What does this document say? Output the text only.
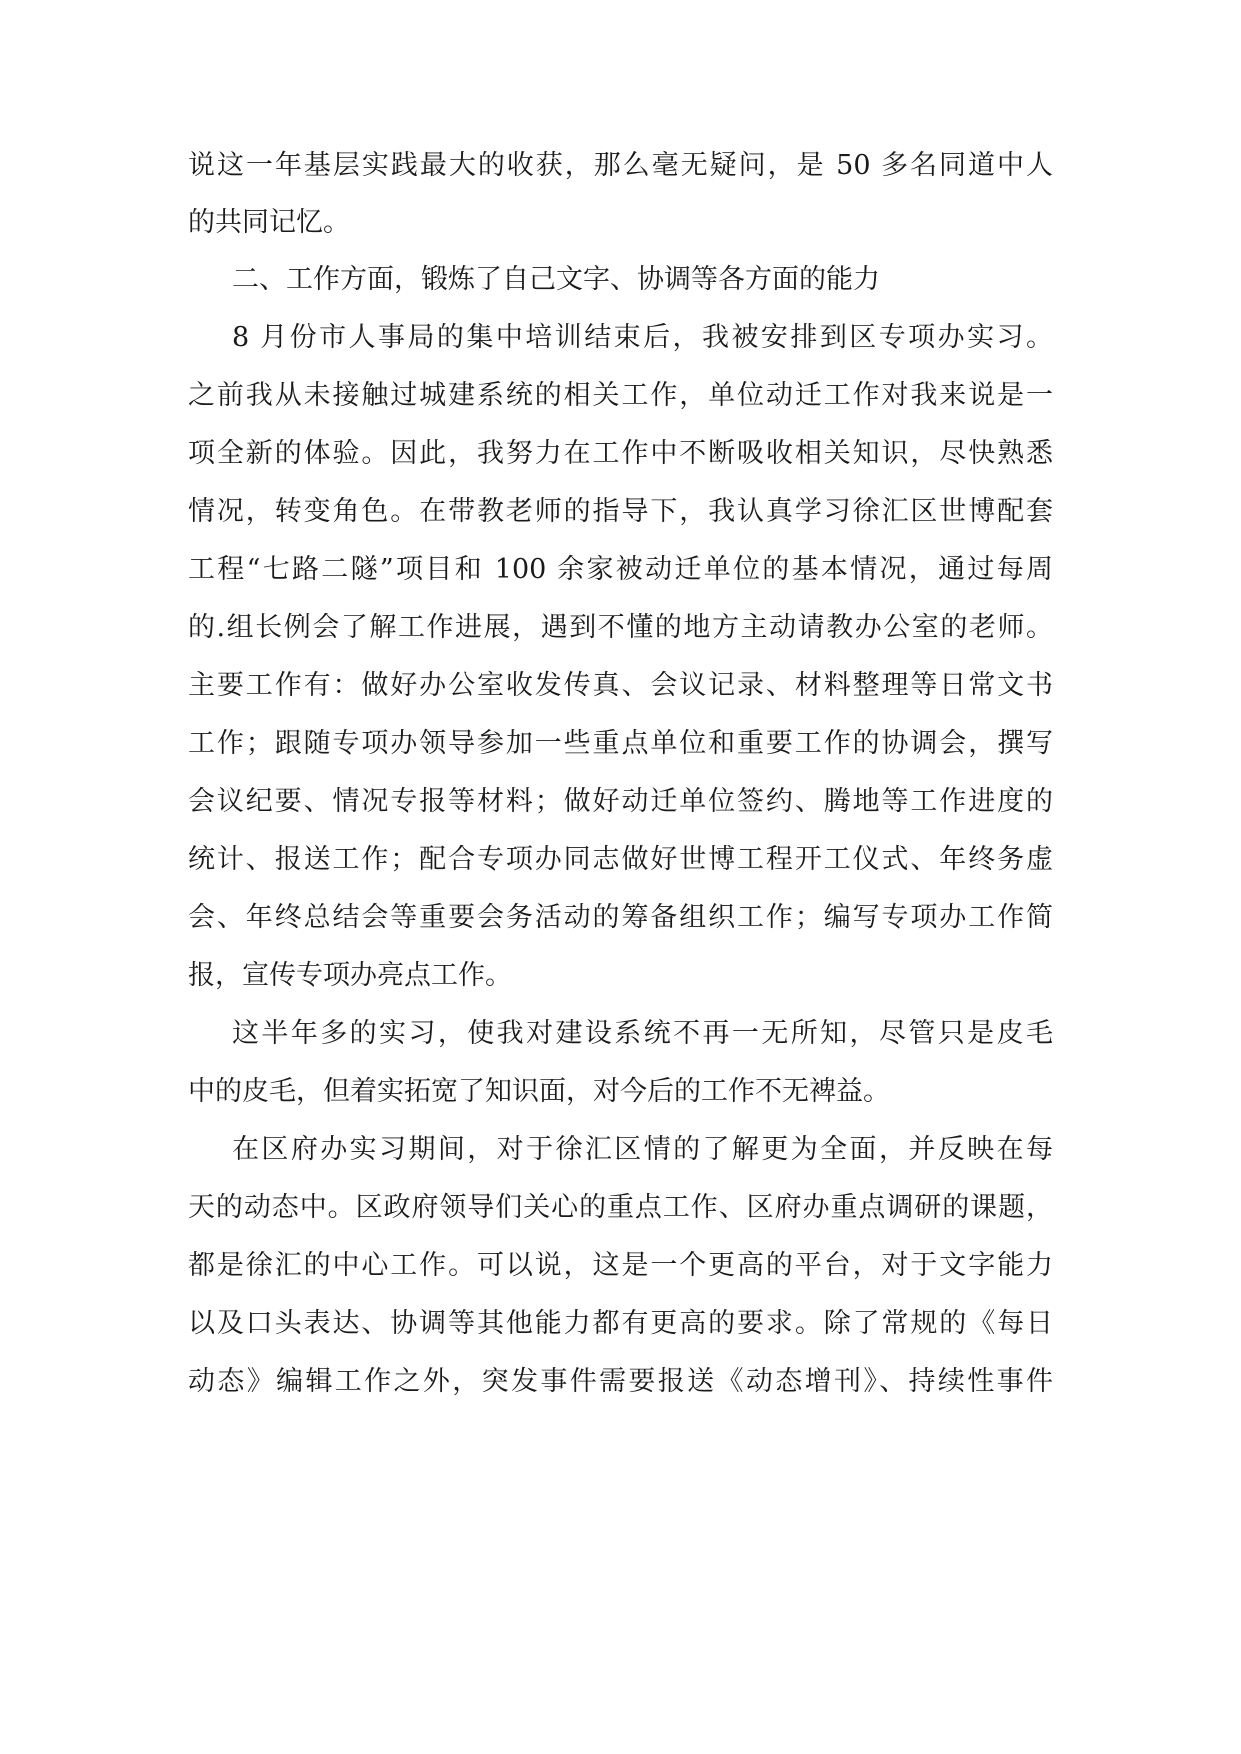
说这一年基层实践最大的收获，那么毫无疑问，是 50 多名同道中人
的共同记忆。
二、工作方面，锻炼了自己文字、协调等各方面的能力
8 月份市人事局的集中培训结束后，我被安排到区专项办实习。
之前我从未接触过城建系统的相关工作，单位动迁工作对我来说是一
项全新的体验。因此，我努力在工作中不断吸收相关知识，尽快熟悉
情况，转变角色。在带教老师的指导下，我认真学习徐汇区世博配套
工程“七路二隧”项目和 100 余家被动迁单位的基本情况，通过每周
的.组长例会了解工作进展，遇到不懂的地方主动请教办公室的老师。
主要工作有：做好办公室收发传真、会议记录、材料整理等日常文书
工作；跟随专项办领导参加一些重点单位和重要工作的协调会，撰写
会议纪要、情况专报等材料；做好动迁单位签约、腾地等工作进度的
统计、报送工作；配合专项办同志做好世博工程开工仪式、年终务虚
会、年终总结会等重要会务活动的筹备组织工作；编写专项办工作简
报，宣传专项办亮点工作。
这半年多的实习，使我对建设系统不再一无所知，尽管只是皮毛
中的皮毛，但着实拓宽了知识面，对今后的工作不无裨益。
在区府办实习期间，对于徐汇区情的了解更为全面，并反映在每
天的动态中。区政府领导们关心的重点工作、区府办重点调研的课题，
都是徐汇的中心工作。可以说，这是一个更高的平台，对于文字能力
以及口头表达、协调等其他能力都有更高的要求。除了常规的《每日
动态》编辑工作之外，突发事件需要报送《动态增刊》、持续性事件
